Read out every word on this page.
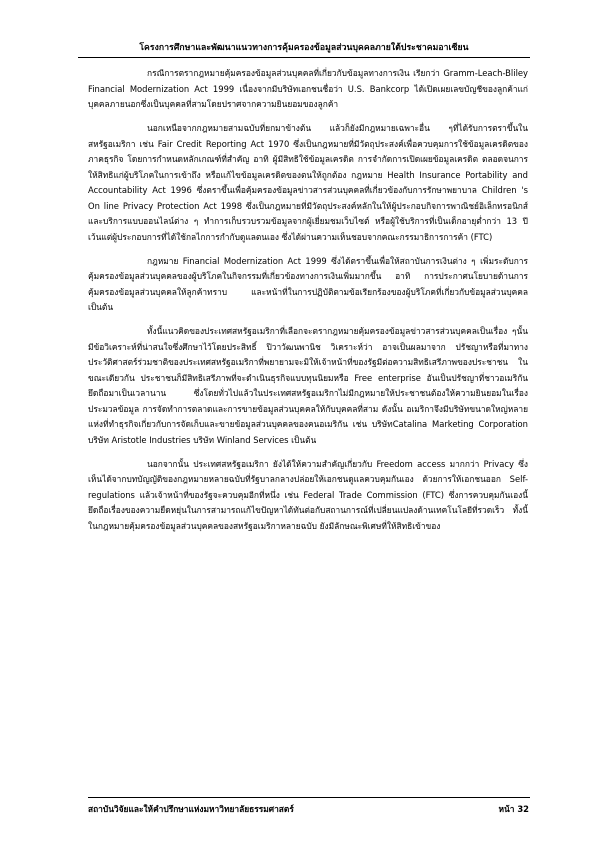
โครงการศึกษาและพัฒนาแนวทางการคุ้มครองข้อมูลส่วนบุคคลภายใต้ประชาคมอาเซียน

กรณีการตรากฎหมายคุ้มครองข้อมูลส่วนบุคคลที่เกี่ยวกับข้อมูลทางการเงิน เรียกว่า Gramm-Leach-Bliley Financial Modernization Act 1999 เนื่องจากมีบริษัทเอกชนชื่อว่า U.S. Bankcorp ได้เปิดเผยเลขบัญชีของลูกค้าแก่บุคคลภายนอกซึ่งเป็นบุคคลที่สามโดยปราศจากความยินยอมของลูกค้า

นอกเหนือจากกฎหมายสามฉบับที่ยกมาข้างต้น แล้วก็ยังมีกฎหมายเฉพาะอื่น ๆที่ได้รับการตราขึ้นในสหรัฐอเมริกา เช่น Fair Credit Reporting Act 1970 ซึ่งเป็นกฎหมายที่มีวัตถุประสงค์เพื่อควบคุมการใช้ข้อมูลเครดิตของภาคธุรกิจ โดยการกำหนดหลักเกณฑ์ที่สำคัญ อาทิ ผู้มีสิทธิใช้ข้อมูลเครดิต การจำกัดการเปิดเผยข้อมูลเครดิต ตลอดจนการให้สิทธิแก่ผู้บริโภคในการเข้าถึง หรือแก้ไขข้อมูลเครดิตของตนให้ถูกต้อง กฎหมาย Health Insurance Portability and Accountability Act 1996 ซึ่งตราขึ้นเพื่อคุ้มครองข้อมูลข่าวสารส่วนบุคคลที่เกี่ยวข้องกับการรักษาพยาบาล Children 's On line Privacy Protection Act 1998 ซึ่งเป็นกฎหมายที่มีวัตถุประสงค์หลักในให้ผู้ประกอบกิจการพาณิชย์อิเล็กทรอนิกส์ และบริการแบบออนไลน์ต่าง ๆ ทำการเก็บรวบรวมข้อมูลจากผู้เยี่ยมชมเว็บไซต์ หรือผู้ใช้บริการที่เป็นเด็กอายุต่ำกว่า 13 ปี เว้นแต่ผู้ประกอบการที่ได้ใช้กลไกการกำกับดูแลตนเอง ซึ่งได้ผ่านความเห็นชอบจากคณะกรรมาธิการการค้า (FTC)

กฎหมาย Financial Modernization Act 1999 ซึ่งได้ตราขึ้นเพื่อให้สถาบันการเงินต่าง ๆ เพิ่มระดับการคุ้มครองข้อมูลส่วนบุคคลของผู้บริโภคในกิจกรรมที่เกี่ยวข้องทางการเงินเพิ่มมากขึ้น อาทิ การประกาศนโยบายด้านการคุ้มครองข้อมูลส่วนบุคคลให้ลูกค้าทราบ และหน้าที่ในการปฏิบัติตามข้อเรียกร้องของผู้บริโภคที่เกี่ยวกับข้อมูลส่วนบุคคล เป็นต้น

ทั้งนี้แนวคิดของประเทศสหรัฐอเมริกาที่เลือกจะตรากฎหมายคุ้มครองข้อมูลข่าวสารส่วนบุคคลเป็นเรื่อง ๆนั้น มีข้อวิเคราะห์ที่น่าสนใจซึ่งศึกษาไว้โดยประสิทธิ์ ปิวาวัฒนพานิช วิเคราะห์ว่า อาจเป็นผลมาจาก ปรัชญาหรือที่มาทางประวัติศาสตร์ร่วมชาติของประเทศสหรัฐอเมริกาที่พยายามจะมิให้เจ้าหน้าที่ของรัฐมีต่อความสิทธิเสรีภาพของประชาชน ในขณะเดียวกัน ประชาชนก็มีสิทธิเสรีภาพที่จะดำเนินธุรกิจแบบทุนนิยมหรือ Free enterprise อันเป็นปรัชญาที่ชาวอเมริกันยึดถือมาเป็นเวลานาน ซึ่งโดยทั่วไปแล้วในประเทศสหรัฐอเมริกาไม่มีกฎหมายให้ประชาชนต้องให้ความยินยอมในเรื่องประมวลข้อมูล การจัดทำการตลาดและการขายข้อมูลส่วนบุคคลให้กับบุคคลที่สาม ดังนั้น อเมริกาจึงมีบริษัทขนาดใหญ่หลายแห่งที่ทำธุรกิจเกี่ยวกับการจัดเก็บและขายข้อมูลส่วนบุคคลของคนอเมริกัน เช่น บริษัทCatalina Marketing Corporation บริษัท Aristotle Industries บริษัท Winland Services เป็นต้น

นอกจากนั้น ประเทศสหรัฐอเมริกา ยังได้ให้ความสำคัญเกี่ยวกับ Freedom access มากกว่า Privacy ซึ่งเห็นได้จากบทบัญญัติของกฎหมายหลายฉบับที่รัฐบาลกลางปล่อยให้เอกชนดูแลควบคุมกันเอง ด้วยการให้เอกชนออก Self- regulations แล้วเจ้าหน้าที่ของรัฐจะควบคุมอีกที่หนึ่ง เช่น Federal Trade Commission (FTC) ซึ่งการควบคุมกันเองนี้ยึดถือเรื่องของความยืดหยุ่นในการสามารถแก้ไขปัญหาได้ทันต่อกับสถานการณ์ที่เปลี่ยนแปลงด้านเทคโนโลยีที่รวดเร็ว ทั้งนี้ในกฎหมายคุ้มครองข้อมูลส่วนบุคคลของสหรัฐอเมริกาหลายฉบับ ยังมีลักษณะพิเศษที่ให้สิทธิเข้าของ

สถาบันวิจัยและให้คำปรึกษาแห่งมหาวิทยาลัยธรรมศาสตร์	หน้า 32
